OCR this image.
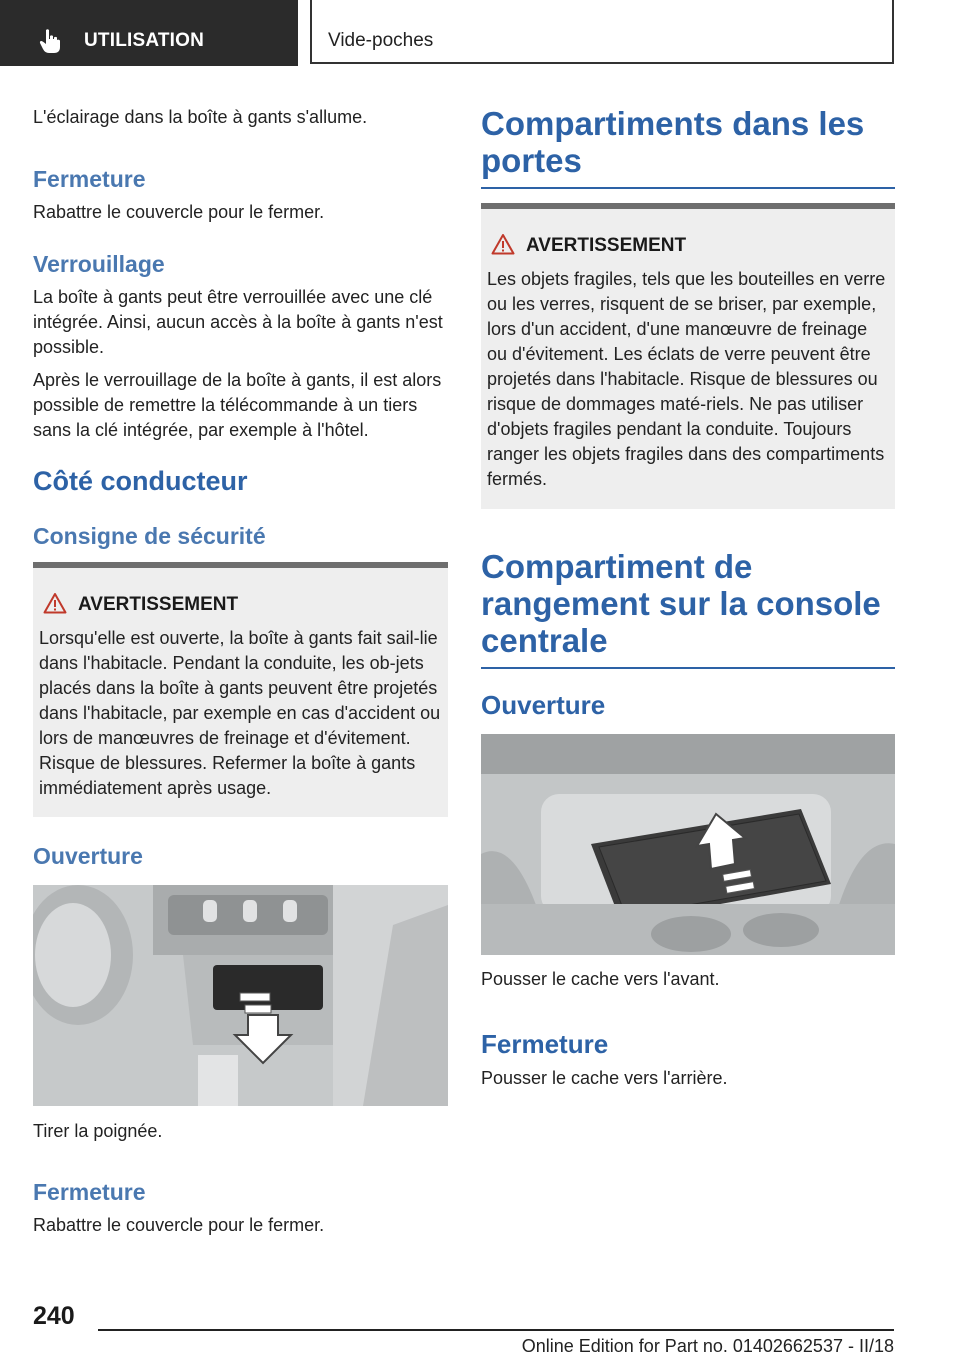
UTILISATION	Vide-poches

L'éclairage dans la boîte à gants s'allume.

Fermeture

Rabattre le couvercle pour le fermer.

Verrouillage

La boîte à gants peut être verrouillée avec une clé intégrée. Ainsi, aucun accès à la boîte à gants n'est possible.

Après le verrouillage de la boîte à gants, il est alors possible de remettre la télécommande à un tiers sans la clé intégrée, par exemple à l'hôtel.

Côté conducteur
Consigne de sécurité
AVERTISSEMENT
Lorsqu'elle est ouverte, la boîte à gants fait sail-lie dans l'habitacle. Pendant la conduite, les ob-jets placés dans la boîte à gants peuvent être projetés dans l'habitacle, par exemple en cas d'accident ou lors de manœuvres de freinage et d'évitement. Risque de blessures. Refermer la boîte à gants immédiatement après usage.
Ouverture

Tirer la poignée.

Fermeture

Rabattre le couvercle pour le fermer.

Compartiments dans les portes
AVERTISSEMENT
Les objets fragiles, tels que les bouteilles en verre ou les verres, risquent de se briser, par exemple, lors d'un accident, d'une manœuvre de freinage ou d'évitement. Les éclats de verre peuvent être projetés dans l'habitacle. Risque de blessures ou risque de dommages maté-riels. Ne pas utiliser d'objets fragiles pendant la conduite. Toujours ranger les objets fragiles dans des compartiments fermés.
Compartiment de rangement sur la console centrale
Ouverture

Pousser le cache vers l'avant.

Fermeture

Pousser le cache vers l'arrière.

240
Online Edition for Part no. 01402662537 - II/18
